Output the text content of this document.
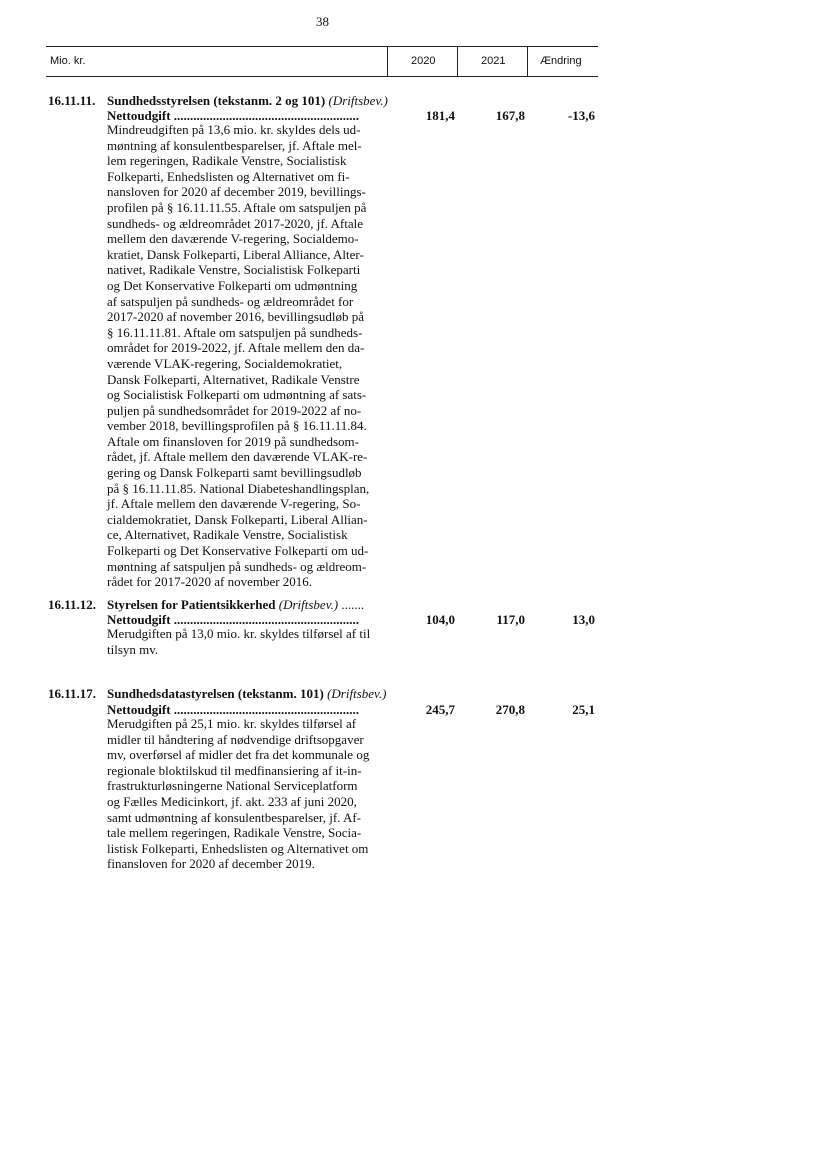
38
Mio. kr.	2020	2021	Ændring
16.11.11. Sundhedsstyrelsen (tekstanm. 2 og 101) (Driftsbev.)
Nettoudgift .........................................................	181,4	167,8	-13,6
Mindreudgiften på 13,6 mio. kr. skyldes dels ud-
møntning af konsulentbesparelser, jf. Aftale mel-
lem regeringen, Radikale Venstre, Socialistisk
Folkeparti, Enhedslisten og Alternativet om fi-
nansloven for 2020 af december 2019, bevillings-
profilen på § 16.11.11.55. Aftale om satspuljen på
sundheds- og ældreområdet 2017-2020, jf. Aftale
mellem den daværende V-regering, Socialdemo-
kratiet, Dansk Folkeparti, Liberal Alliance, Alter-
nativet, Radikale Venstre, Socialistisk Folkeparti
og Det Konservative Folkeparti om udmøntning
af satspuljen på sundheds- og ældreområdet for
2017-2020 af november 2016, bevillingsudløb på
§ 16.11.11.81. Aftale om satspuljen på sundheds-
området for 2019-2022, jf. Aftale mellem den da-
værende VLAK-regering, Socialdemokratiet,
Dansk Folkeparti, Alternativet, Radikale Venstre
og Socialistisk Folkeparti om udmøntning af sats-
puljen på sundhedsområdet for 2019-2022 af no-
vember 2018, bevillingsprofilen på § 16.11.11.84.
Aftale om finansloven for 2019 på sundhedsom-
rådet, jf. Aftale mellem den daværende VLAK-re-
gering og Dansk Folkeparti samt bevillingsudløb
på § 16.11.11.85. National Diabeteshandlingsplan,
jf. Aftale mellem den daværende V-regering, So-
cialdemokratiet, Dansk Folkeparti, Liberal Allian-
ce, Alternativet, Radikale Venstre, Socialistisk
Folkeparti og Det Konservative Folkeparti om ud-
møntning af satspuljen på sundheds- og ældreom-
rådet for 2017-2020 af november 2016.
16.11.12. Styrelsen for Patientsikkerhed (Driftsbev.) .......
Nettoudgift .........................................................	104,0	117,0	13,0
Merudgiften på 13,0 mio. kr. skyldes tilførsel af til
tilsyn mv.
16.11.17. Sundhedsdatastyrelsen (tekstanm. 101) (Driftsbev.)
Nettoudgift .........................................................	245,7	270,8	25,1
Merudgiften på 25,1 mio. kr. skyldes tilførsel af
midler til håndtering af nødvendige driftsopgaver
mv, overførsel af midler det fra det kommunale og
regionale bloktilskud til medfinansiering af it-in-
frastrukturløsningerne National Serviceplatform
og Fælles Medicinkort, jf. akt. 233 af juni 2020,
samt udmøntning af konsulentbesparelser, jf. Af-
tale mellem regeringen, Radikale Venstre, Socia-
listisk Folkeparti, Enhedslisten og Alternativet om
finansloven for 2020 af december 2019.
